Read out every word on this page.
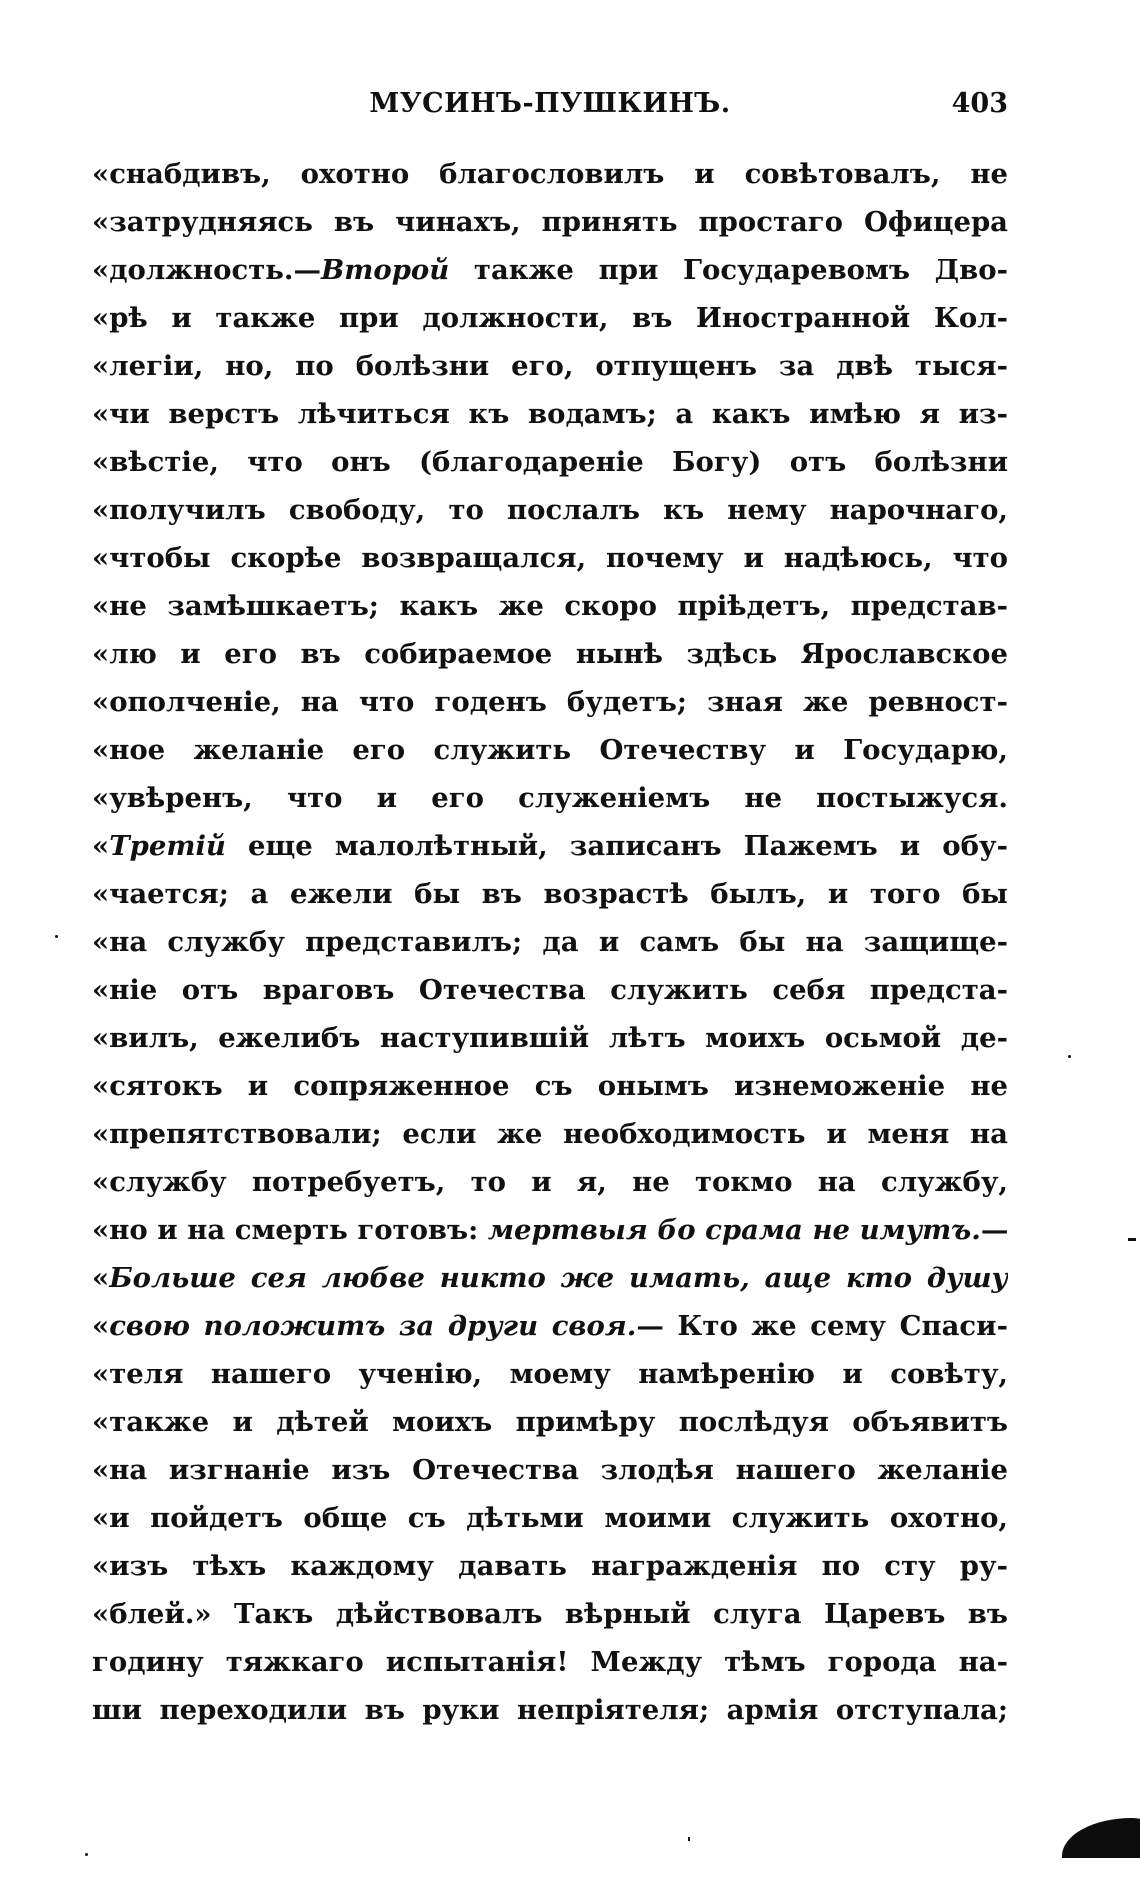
МУСИНЪ-ПУШКИНЪ.	403
«снабдивъ, охотно благословилъ и совѣтовалъ, не
«затрудняясь въ чинахъ, принять простаго Офицера
«должность.—Второй также при Государевомъ Дво-
«рѣ и также при должности, въ Иностранной Кол-
«легіи, но, по болѣзни его, отпущенъ за двѣ тыся-
«чи верстъ лѣчиться къ водамъ; а какъ имѣю я из-
«вѣстіе, что онъ (благодареніе Богу) отъ болѣзни
«получилъ свободу, то послалъ къ нему нарочнаго,
«чтобы скорѣе возвращался, почему и надѣюсь, что
«не замѣшкаетъ; какъ же скоро пріѣдетъ, представ-
«лю и его въ собираемое нынѣ здѣсь Ярославское
«ополченіе, на что годенъ будетъ; зная же ревност-
«ное желаніе его служить Отечеству и Государю,
«увѣренъ, что и его служеніемъ не постыжуся.
«Третій еще малолѣтный, записанъ Пажемъ и обу-
«чается; а ежели бы въ возрастѣ былъ, и того бы
«на службу представилъ; да и самъ бы на защище-
«ніе отъ враговъ Отечества служить себя предста-
«вилъ, ежелибъ наступившій лѣтъ моихъ осьмой де-
«сятокъ и сопряженное съ онымъ изнеможеніе не
«препятствовали; если же необходимость и меня на
«службу потребуетъ, то и я, не токмо на службу,
«но и на смерть готовъ: мертвыя бо срама не имутъ.—
«Больше сея любве никто же имать, аще кто душу
«свою положитъ за други своя.— Кто же сему Спаси-
«теля нашего ученію, моему намѣренію и совѣту,
«также и дѣтей моихъ примѣру послѣдуя объявитъ
«на изгнаніе изъ Отечества злодѣя нашего желаніе
«и пойдетъ обще съ дѣтьми моими служить охотно,
«изъ тѣхъ каждому давать награжденія по сту ру-
«блей.» Такъ дѣйствовалъ вѣрный слуга Царевъ въ
годину тяжкаго испытанія! Между тѣмъ города на-
ши переходили въ руки непріятеля; армія отступала;
